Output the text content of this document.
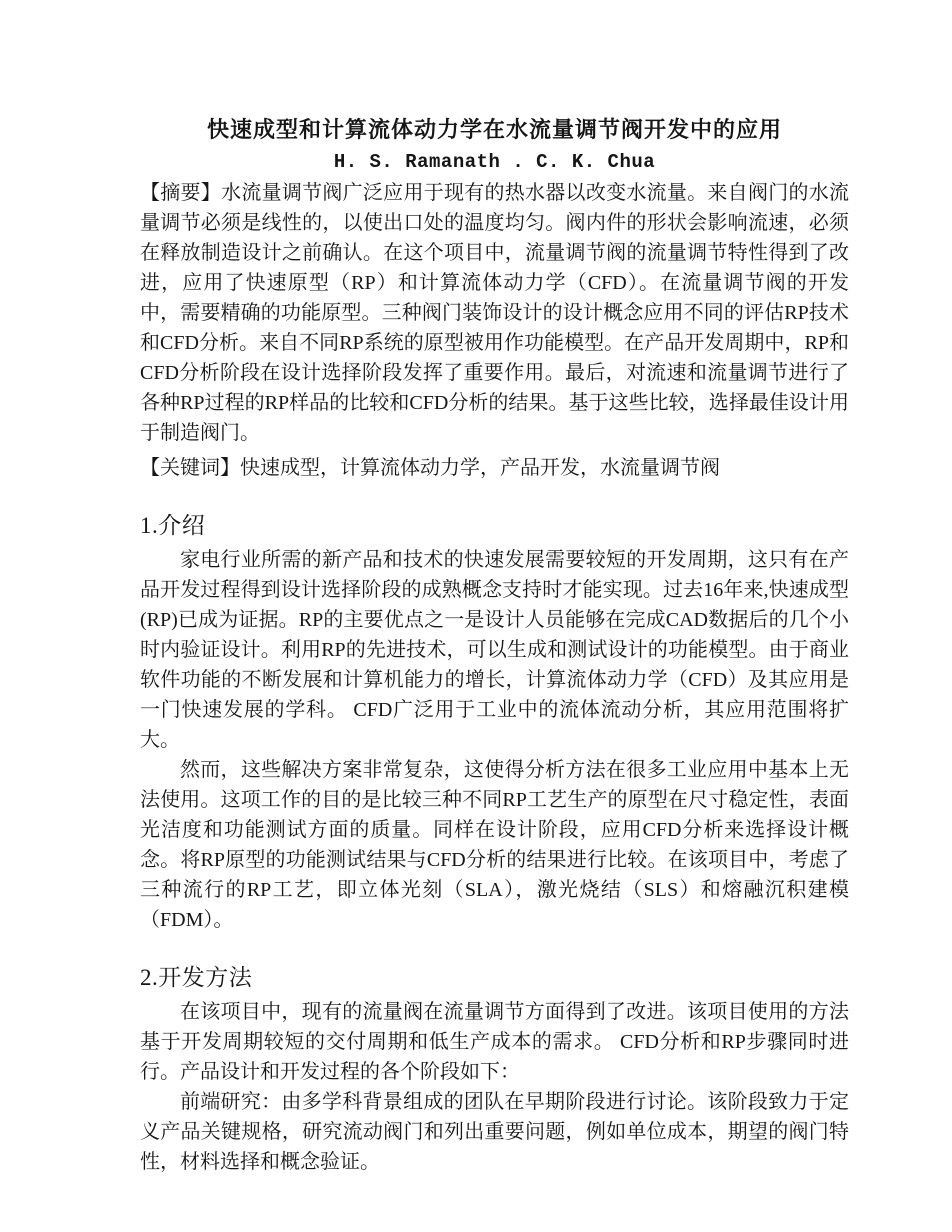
快速成型和计算流体动力学在水流量调节阀开发中的应用
H. S. Ramanath . C. K. Chua

【摘要】水流量调节阀广泛应用于现有的热水器以改变水流量。来自阀门的水流量调节必须是线性的，以使出口处的温度均匀。阀内件的形状会影响流速，必须在释放制造设计之前确认。在这个项目中，流量调节阀的流量调节特性得到了改进，应用了快速原型（RP）和计算流体动力学（CFD）。在流量调节阀的开发中，需要精确的功能原型。三种阀门装饰设计的设计概念应用不同的评估RP技术和CFD分析。来自不同RP系统的原型被用作功能模型。在产品开发周期中，RP和CFD分析阶段在设计选择阶段发挥了重要作用。最后，对流速和流量调节进行了各种RP过程的RP样品的比较和CFD分析的结果。基于这些比较，选择最佳设计用于制造阀门。

【关键词】快速成型，计算流体动力学，产品开发，水流量调节阀

1.介绍

家电行业所需的新产品和技术的快速发展需要较短的开发周期，这只有在产品开发过程得到设计选择阶段的成熟概念支持时才能实现。过去16年来,快速成型(RP)已成为证据。RP的主要优点之一是设计人员能够在完成CAD数据后的几个小时内验证设计。利用RP的先进技术，可以生成和测试设计的功能模型。由于商业软件功能的不断发展和计算机能力的增长，计算流体动力学（CFD）及其应用是一门快速发展的学科。 CFD广泛用于工业中的流体流动分析，其应用范围将扩大。

然而，这些解决方案非常复杂，这使得分析方法在很多工业应用中基本上无法使用。这项工作的目的是比较三种不同RP工艺生产的原型在尺寸稳定性，表面光洁度和功能测试方面的质量。同样在设计阶段，应用CFD分析来选择设计概念。将RP原型的功能测试结果与CFD分析的结果进行比较。在该项目中，考虑了三种流行的RP工艺，即立体光刻（SLA），激光烧结（SLS）和熔融沉积建模（FDM）。

2.开发方法

在该项目中，现有的流量阀在流量调节方面得到了改进。该项目使用的方法基于开发周期较短的交付周期和低生产成本的需求。 CFD分析和RP步骤同时进行。产品设计和开发过程的各个阶段如下：

前端研究：由多学科背景组成的团队在早期阶段进行讨论。该阶段致力于定义产品关键规格，研究流动阀门和列出重要问题，例如单位成本，期望的阀门特性，材料选择和概念验证。
